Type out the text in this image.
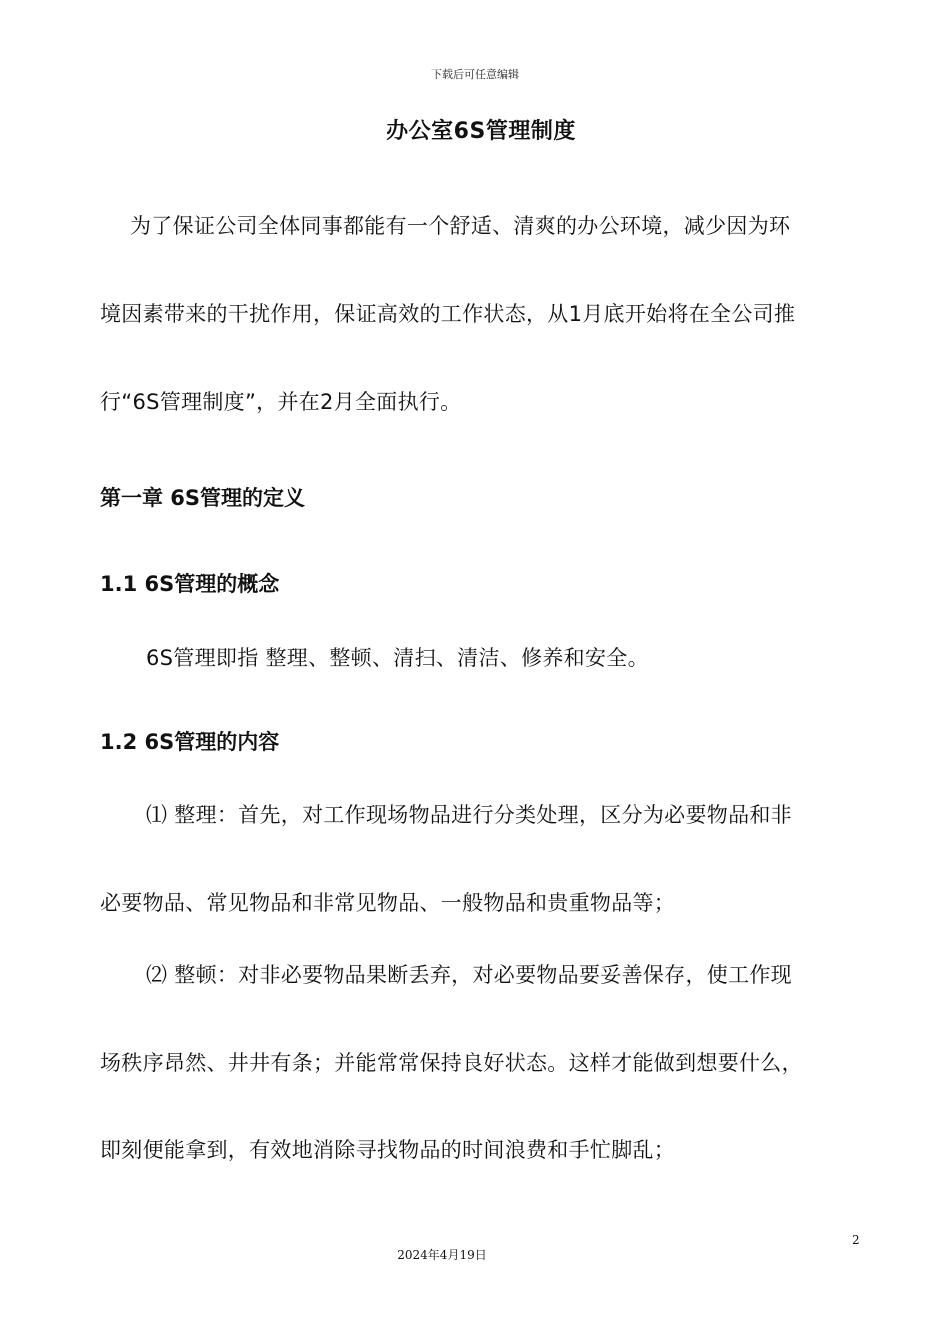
下载后可任意编辑
办公室6S管理制度
为了保证公司全体同事都能有一个舒适、清爽的办公环境，减少因为环
境因素带来的干扰作用，保证高效的工作状态，从1月底开始将在全公司推
行“6S管理制度”，并在2月全面执行。
第一章 6S管理的定义
1.1 6S管理的概念
6S管理即指 整理、整顿、清扫、清洁、修养和安全。
1.2 6S管理的内容
⑴ 整理：首先，对工作现场物品进行分类处理，区分为必要物品和非
必要物品、常见物品和非常见物品、一般物品和贵重物品等；
⑵ 整顿：对非必要物品果断丢弃，对必要物品要妥善保存，使工作现
场秩序昂然、井井有条；并能常常保持良好状态。这样才能做到想要什么，
即刻便能拿到，有效地消除寻找物品的时间浪费和手忙脚乱；
2
2024年4月19日
